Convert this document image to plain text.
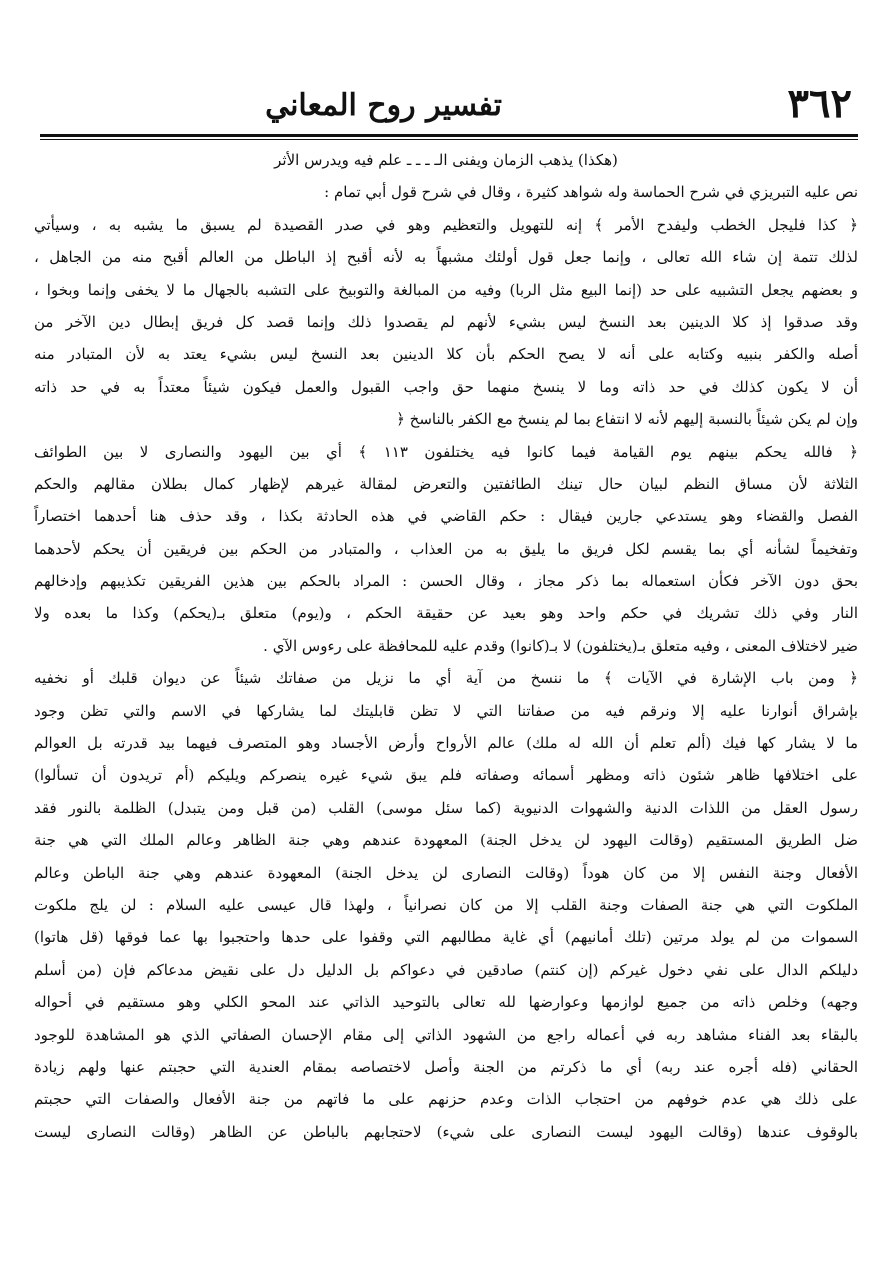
٣٦٢
تفسير روح المعاني
(هكذا) يذهب الزمان ويفنى الـ ـ ـ ـ علم فيه ويدرس الأثر
نص عليه التبريزي في شرح الحماسة وله شواهد كثيرة ، وقال في شرح قول أبي تمام :
﴿ كذا فليجل الخطب وليفدح الأمر ﴾ إنه للتهويل والتعظيم وهو في صدر القصيدة لم يسبق ما يشبه به ، وسيأتي
لذلك تتمة إن شاء الله تعالى ، وإنما جعل قول أولئك مشبهاً به لأنه أقبح إذ الباطل من العالم أقبح منه من الجاهل ،
و بعضهم يجعل التشبيه على حد (إنما البيع مثل الربا) وفيه من المبالغة والتوبيخ على التشبه بالجهال ما لا يخفى وإنما وبخوا ،
وقد صدقوا إذ كلا الدينين بعد النسخ ليس بشيء لأنهم لم يقصدوا ذلك وإنما قصد كل فريق إبطال دين الآخر من
أصله والكفر بنبيه وكتابه على أنه لا يصح الحكم بأن كلا الدينين بعد النسخ ليس بشيء يعتد به لأن المتبادر منه
أن لا يكون كذلك في حد ذاته وما لا ينسخ منهما حق واجب القبول والعمل فيكون شيئاً معتداً به في حد ذاته
وإن لم يكن شيئاً بالنسبة إليهم لأنه لا انتفاع بما لم ينسخ مع الكفر بالناسخ ﴿
﴿ فالله يحكم بينهم يوم القيامة فيما كانوا فيه يختلفون ١١٣ ﴾ أي بين اليهود والنصارى لا بين الطوائف
الثلاثة لأن مساق النظم لبيان حال تينك الطائفتين والتعرض لمقالة غيرهم لإظهار كمال بطلان مقالهم والحكم
الفصل والقضاء وهو يستدعي جارين فيقال : حكم القاضي في هذه الحادثة بكذا ، وقد حذف هنا أحدهما اختصاراً
وتفخيماً لشأنه أي بما يقسم لكل فريق ما يليق به من العذاب ، والمتبادر من الحكم بين فريقين أن يحكم لأحدهما
بحق دون الآخر فكأن استعماله بما ذكر مجاز ، وقال الحسن : المراد بالحكم بين هذين الفريقين تكذيبهم وإدخالهم
النار وفي ذلك تشريك في حكم واحد وهو بعيد عن حقيقة الحكم ، و(يوم) متعلق بـ(يحكم) وكذا ما بعده ولا
ضير لاختلاف المعنى ، وفيه متعلق بـ(يختلفون) لا بـ(كانوا) وقدم عليه للمحافظة على رءوس الآي .
﴿ ومن باب الإشارة في الآيات ﴾ ما ننسخ من آية أي ما نزيل من صفاتك شيئاً عن ديوان قلبك أو نخفيه
بإشراق أنوارنا عليه إلا ونرقم فيه من صفاتنا التي لا تظن قابليتك لما يشاركها في الاسم والتي تظن وجود
ما لا يشار كها فيك (ألم تعلم أن الله له ملك) عالم الأرواح وأرض الأجساد وهو المتصرف فيهما بيد قدرته بل العوالم
على اختلافها ظاهر شئون ذاته ومظهر أسمائه وصفاته فلم يبق شيء غيره ينصركم ويليكم (أم تريدون أن تسألوا)
رسول العقل من اللذات الدنية والشهوات الدنيوية (كما سئل موسى) القلب (من قبل ومن يتبدل) الظلمة بالنور فقد
ضل الطريق المستقيم (وقالت اليهود لن يدخل الجنة) المعهودة عندهم وهي جنة الظاهر وعالم الملك التي هي جنة
الأفعال وجنة النفس إلا من كان هوداً (وقالت النصارى لن يدخل الجنة) المعهودة عندهم وهي جنة الباطن وعالم
الملكوت التي هي جنة الصفات وجنة القلب إلا من كان نصرانياً ، ولهذا قال عيسى عليه السلام : لن يلج ملكوت
السموات من لم يولد مرتين (تلك أمانيهم) أي غاية مطالبهم التي وقفوا على حدها واحتجبوا بها عما فوقها (قل هاتوا)
دليلكم الدال على نفي دخول غيركم (إن كنتم) صادقين في دعواكم بل الدليل دل على نقيض مدعاكم فإن (من أسلم
وجهه) وخلص ذاته من جميع لوازمها وعوارضها لله تعالى بالتوحيد الذاتي عند المحو الكلي وهو مستقيم في أحواله
بالبقاء بعد الفناء مشاهد ربه في أعماله راجع من الشهود الذاتي إلى مقام الإحسان الصفاتي الذي هو المشاهدة للوجود
الحقاني (فله أجره عند ربه) أي ما ذكرتم من الجنة وأصل لاختصاصه بمقام العندية التي حجبتم عنها ولهم زيادة
على ذلك هي عدم خوفهم من احتجاب الذات وعدم حزنهم على ما فاتهم من جنة الأفعال والصفات التي حجبتم
بالوقوف عندها (وقالت اليهود ليست النصارى على شيء) لاحتجابهم بالباطن عن الظاهر (وقالت النصارى ليست
